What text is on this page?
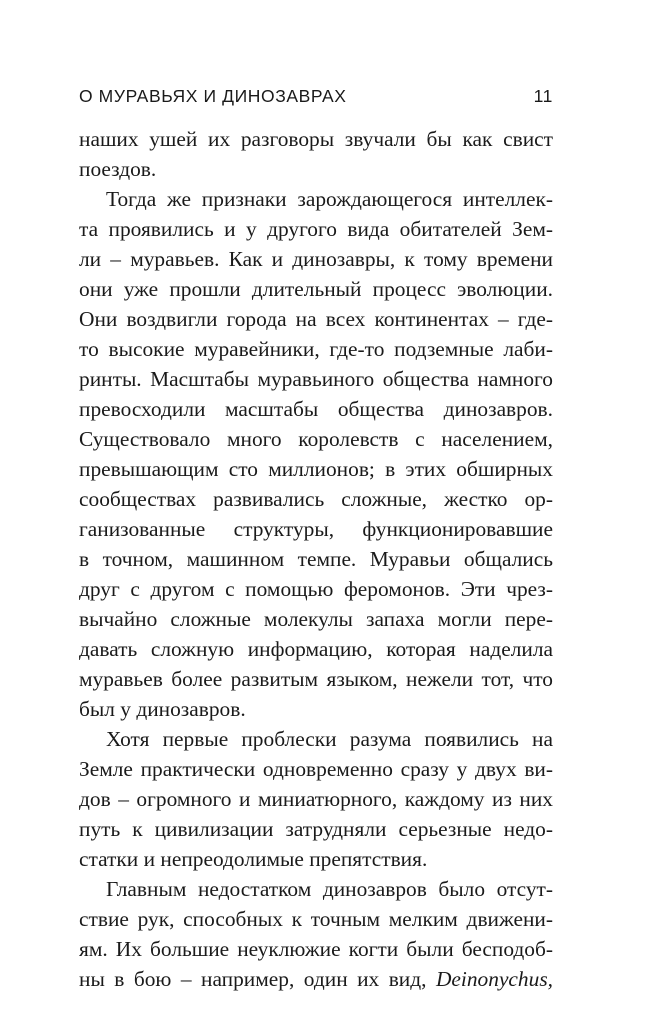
О МУРАВЬЯХ И ДИНОЗАВРАХ	11
наших ушей их разговоры звучали бы как свист
поездов.
Тогда же признаки зарождающегося интеллек-
та проявились и у другого вида обитателей Зем-
ли – муравьев. Как и динозавры, к тому времени
они уже прошли длительный процесс эволюции.
Они воздвигли города на всех континентах – где-
то высокие муравейники, где-то подземные лаби-
ринты. Масштабы муравьиного общества намного
превосходили масштабы общества динозавров.
Существовало много королевств с населением,
превышающим сто миллионов; в этих обширных
сообществах развивались сложные, жестко ор-
ганизованные структуры, функционировавшие
в точном, машинном темпе. Муравьи общались
друг с другом с помощью феромонов. Эти чрез-
вычайно сложные молекулы запаха могли пере-
давать сложную информацию, которая наделила
муравьев более развитым языком, нежели тот, что
был у динозавров.
Хотя первые проблески разума появились на
Земле практически одновременно сразу у двух ви-
дов – огромного и миниатюрного, каждому из них
путь к цивилизации затрудняли серьезные недо-
статки и непреодолимые препятствия.
Главным недостатком динозавров было отсут-
ствие рук, способных к точным мелким движени-
ям. Их большие неуклюжие когти были бесподоб-
ны в бою – например, один их вид, Deinonychus,
